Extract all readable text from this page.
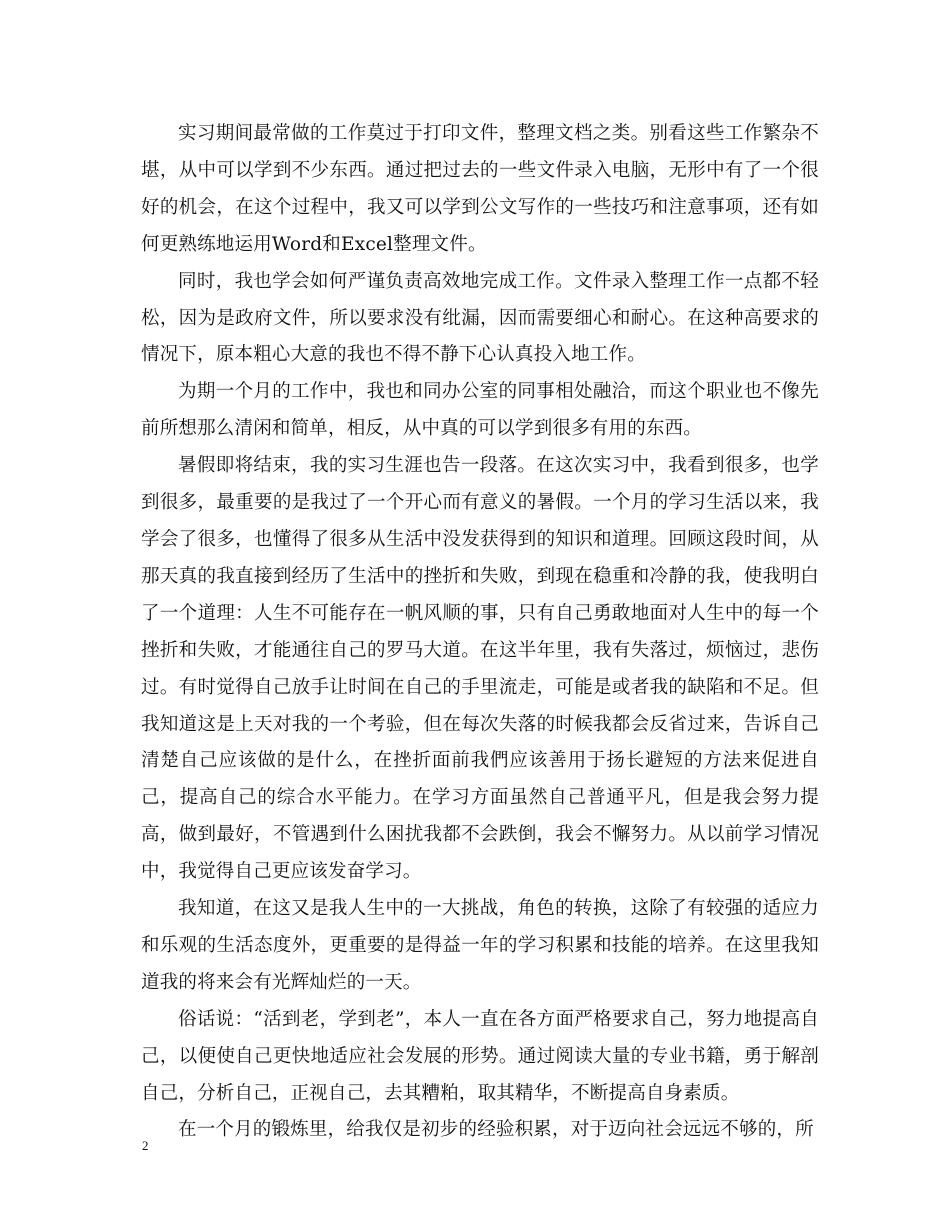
实习期间最常做的工作莫过于打印文件，整理文档之类。别看这些工作繁杂不堪，从中可以学到不少东西。通过把过去的一些文件录入电脑，无形中有了一个很好的机会，在这个过程中，我又可以学到公文写作的一些技巧和注意事项，还有如何更熟练地运用Word和Excel整理文件。

同时，我也学会如何严谨负责高效地完成工作。文件录入整理工作一点都不轻松，因为是政府文件，所以要求没有纰漏，因而需要细心和耐心。在这种高要求的情况下，原本粗心大意的我也不得不静下心认真投入地工作。

为期一个月的工作中，我也和同办公室的同事相处融洽，而这个职业也不像先前所想那么清闲和简单，相反，从中真的可以学到很多有用的东西。

暑假即将结束，我的实习生涯也告一段落。在这次实习中，我看到很多，也学到很多，最重要的是我过了一个开心而有意义的暑假。一个月的学习生活以来，我学会了很多，也懂得了很多从生活中没发获得到的知识和道理。回顾这段时间，从那天真的我直接到经历了生活中的挫折和失败，到现在稳重和冷静的我，使我明白了一个道理：人生不可能存在一帆风顺的事，只有自己勇敢地面对人生中的每一个挫折和失败，才能通往自己的罗马大道。在这半年里，我有失落过，烦恼过，悲伤过。有时觉得自己放手让时间在自己的手里流走，可能是或者我的缺陷和不足。但我知道这是上天对我的一个考验，但在每次失落的时候我都会反省过来，告诉自己清楚自己应该做的是什么，在挫折面前我們应该善用于扬长避短的方法来促进自己，提高自己的综合水平能力。在学习方面虽然自己普通平凡，但是我会努力提高，做到最好，不管遇到什么困扰我都不会跌倒，我会不懈努力。从以前学习情况中，我觉得自己更应该发奋学习。

我知道，在这又是我人生中的一大挑战，角色的转换，这除了有较强的适应力和乐观的生活态度外，更重要的是得益一年的学习积累和技能的培养。在这里我知道我的将来会有光辉灿烂的一天。

俗话说：“活到老，学到老”，本人一直在各方面严格要求自己，努力地提高自己，以便使自己更快地适应社会发展的形势。通过阅读大量的专业书籍，勇于解剖自己，分析自己，正视自己，去其糟粕，取其精华，不断提高自身素质。

在一个月的锻炼里，给我仅是初步的经验积累，对于迈向社会远远不够的，所

2
